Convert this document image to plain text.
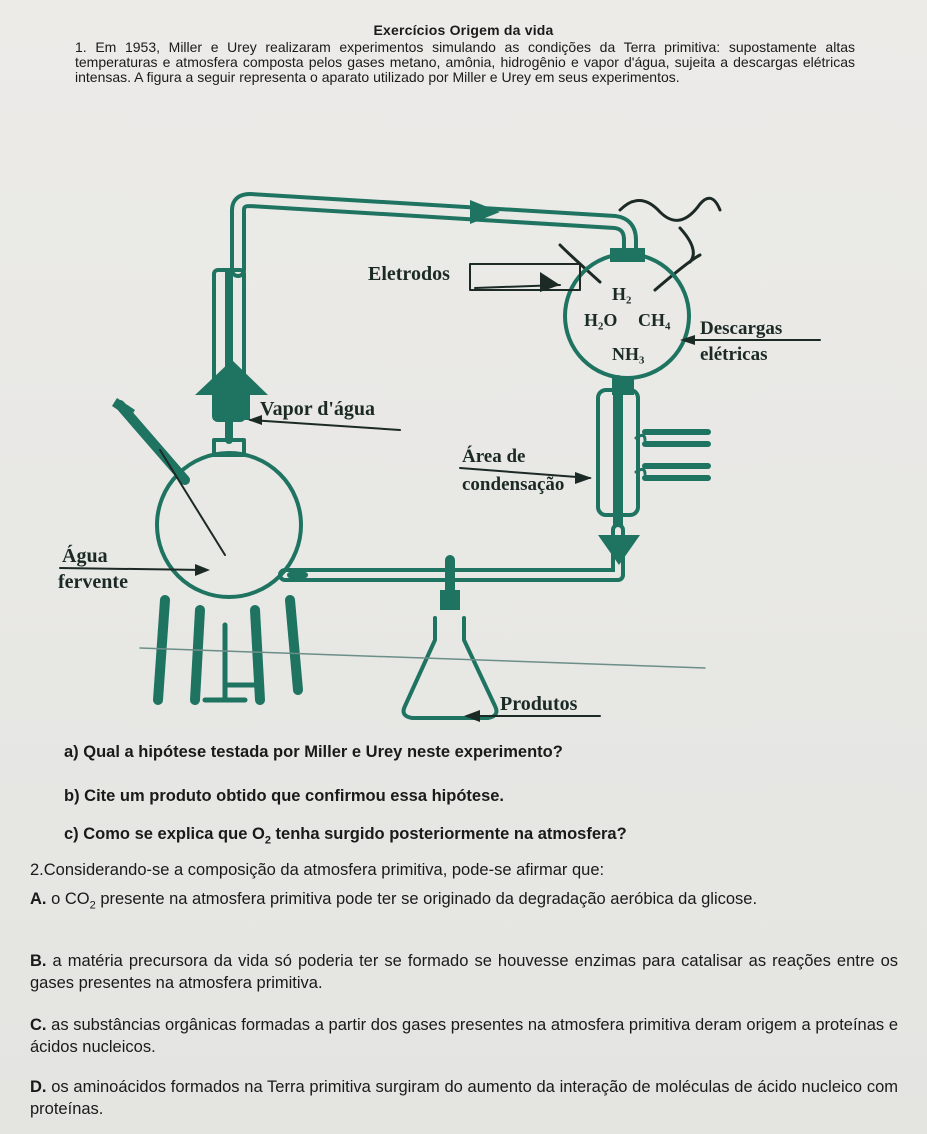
Exercícios Origem da vida
1. Em 1953, Miller e Urey realizaram experimentos simulando as condições da Terra primitiva: supostamente altas temperaturas e atmosfera composta pelos gases metano, amônia, hidrogênio e vapor d'água, sujeita a descargas elétricas intensas. A figura a seguir representa o aparato utilizado por Miller e Urey em seus experimentos.
Eletrodos
H₂
H₂O CH₄
NH₃
Descargas
elétricas
Vapor d'água
Área de
condensação
Água
fervente
Produtos
a) Qual a hipótese testada por Miller e Urey neste experimento?
b) Cite um produto obtido que confirmou essa hipótese.
c) Como se explica que $O_2$ tenha surgido posteriormente na atmosfera?
2.Considerando-se a composição da atmosfera primitiva, pode-se afirmar que:
A. o $CO_2$ presente na atmosfera primitiva pode ter se originado da degradação aeróbica da glicose.
B. a matéria precursora da vida só poderia ter se formado se houvesse enzimas para catalisar as reações entre os gases presentes na atmosfera primitiva.
C. as substâncias orgânicas formadas a partir dos gases presentes na atmosfera primitiva deram origem a proteínas e ácidos nucleicos.
D. os aminoácidos formados na Terra primitiva surgiram do aumento da interação de moléculas de ácido nucleico com proteínas.
